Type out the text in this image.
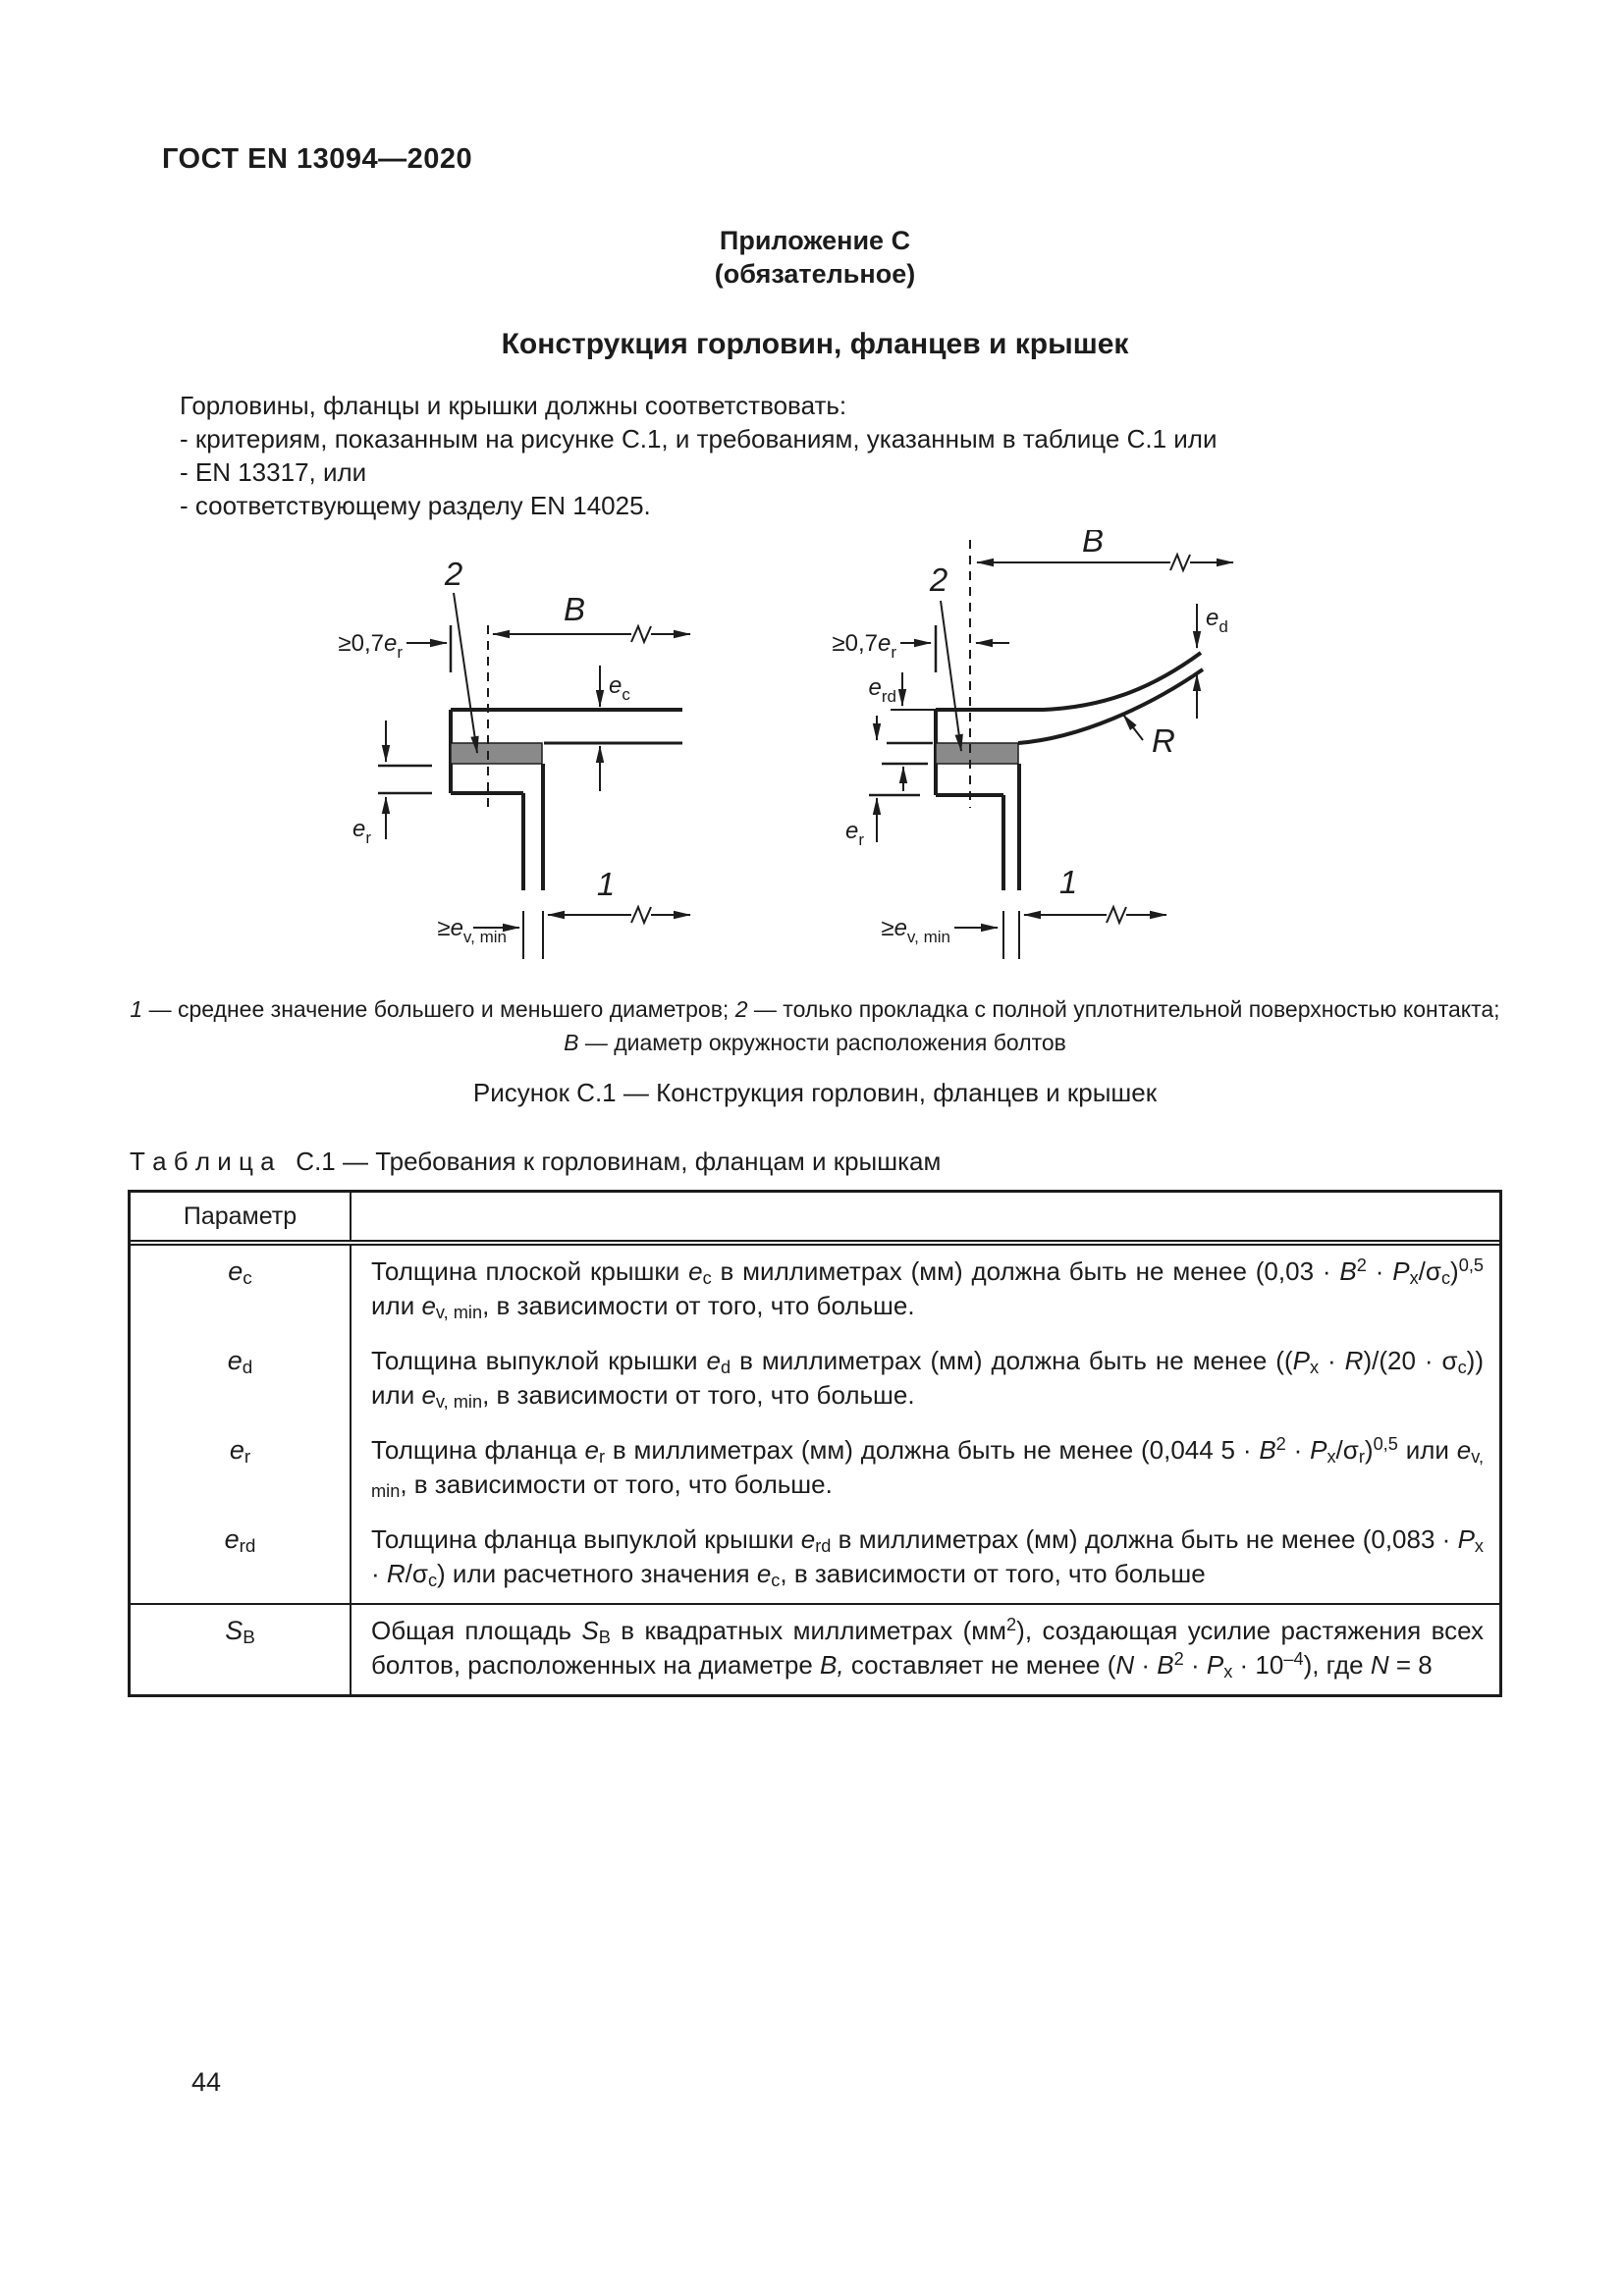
ГОСТ EN 13094—2020
Приложение С
(обязательное)
Конструкция горловин, фланцев и крышек

Горловины, фланцы и крышки должны соответствовать:

- критериям, показанным на рисунке С.1, и требованиям, указанным в таблице С.1 или

- EN 13317, или

- соответствующему разделу EN 14025.

$\ge 0,7e_r$
B
2
$e_c$
$e_r$
$\ge e_{v, min}$
1
$\ge 0,7e_r$
B
2
$e_d$
R
$e_{rd}$
$e_r$
$\ge e_{v, min}$
1
1 — среднее значение большего и меньшего диаметров; 2 — только прокладка с полной уплотнительной поверхностью контакта;
B — диаметр окружности расположения болтов
Рисунок С.1 — Конструкция горловин, фланцев и крышек
Т а б л и ц а С.1 — Требования к горловинам, фланцам и крышкам
Параметр
$e_c$	Толщина плоской крышки $e_c$ в миллиметрах (мм) должна быть не менее $(0,03 \cdot B^2 \cdot P_x/\sigma_c)^{0,5}$ или $e_{v, min}$, в зависимости от того, что больше.
$e_d$	Толщина выпуклой крышки $e_d$ в миллиметрах (мм) должна быть не менее $((P_x \cdot R)/(20 \cdot \sigma_c))$ или $e_{v, min}$, в зависимости от того, что больше.
$e_r$	Толщина фланца $e_r$ в миллиметрах (мм) должна быть не менее (0,044 $5 \cdot B^2 \cdot P_x/\sigma_r)^{0,5}$ или $e_{v, min}$, в зависимости от того, что больше.
$e_{rd}$	Толщина фланца выпуклой крышки $e_{rd}$ в миллиметрах (мм) должна быть не менее $(0,083 \cdot P_x \cdot R/\sigma_c)$ или расчетного значения $e_c$, в зависимости от того, что больше
$S_B$	Общая площадь $S_B$ в квадратных миллиметрах $(мм^2)$, создающая усилие растяжения всех болтов, расположенных на диаметре B, составляет не менее $(N \cdot B^2 \cdot P_x \cdot 10^{-4})$, где N = 8
44
